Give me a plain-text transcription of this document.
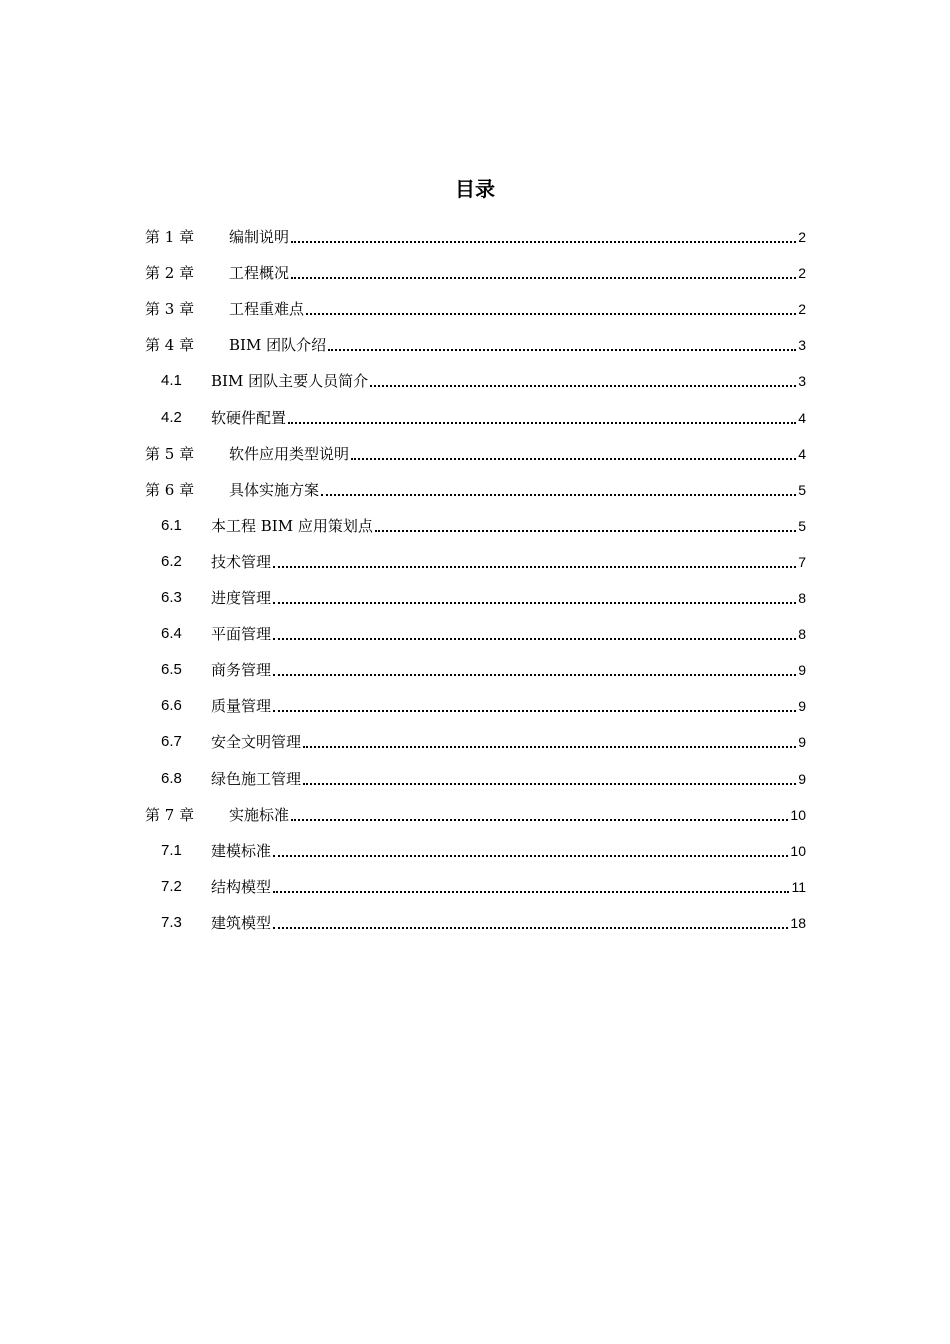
目录
第 1 章	编制说明	2
第 2 章	工程概况	2
第 3 章	工程重难点	2
第 4 章	BIM 团队介绍	3
4.1	BIM 团队主要人员简介	3
4.2	软硬件配置	4
第 5 章	软件应用类型说明	4
第 6 章	具体实施方案	5
6.1	本工程 BIM 应用策划点	5
6.2	技术管理	7
6.3	进度管理	8
6.4	平面管理	8
6.5	商务管理	9
6.6	质量管理	9
6.7	安全文明管理	9
6.8	绿色施工管理	9
第 7 章	实施标准	10
7.1	建模标准	10
7.2	结构模型	11
7.3	建筑模型	18
